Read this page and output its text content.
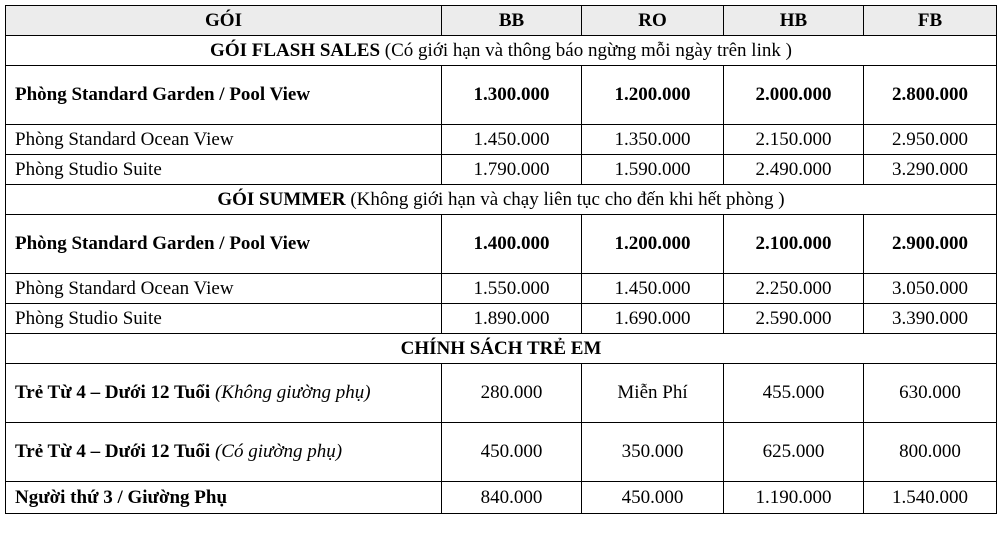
GÓI	BB	RO	HB	FB
GÓI FLASH SALES (Có giới hạn và thông báo ngừng mỗi ngày trên link )				
Phòng Standard Garden / Pool View	1.300.000	1.200.000	2.000.000	2.800.000
Phòng Standard Ocean View	1.450.000	1.350.000	2.150.000	2.950.000
Phòng Studio Suite	1.790.000	1.590.000	2.490.000	3.290.000
GÓI SUMMER (Không giới hạn và chạy liên tục cho đến khi hết phòng )				
Phòng Standard Garden / Pool View	1.400.000	1.200.000	2.100.000	2.900.000
Phòng Standard Ocean View	1.550.000	1.450.000	2.250.000	3.050.000
Phòng Studio Suite	1.890.000	1.690.000	2.590.000	3.390.000
CHÍNH SÁCH TRẺ EM				
Trẻ Từ 4 – Dưới 12 Tuổi (Không giường phụ)	280.000	Miễn Phí	455.000	630.000
Trẻ Từ 4 – Dưới 12 Tuổi (Có giường phụ)	450.000	350.000	625.000	800.000
Người thứ 3 / Giường Phụ	840.000	450.000	1.190.000	1.540.000
